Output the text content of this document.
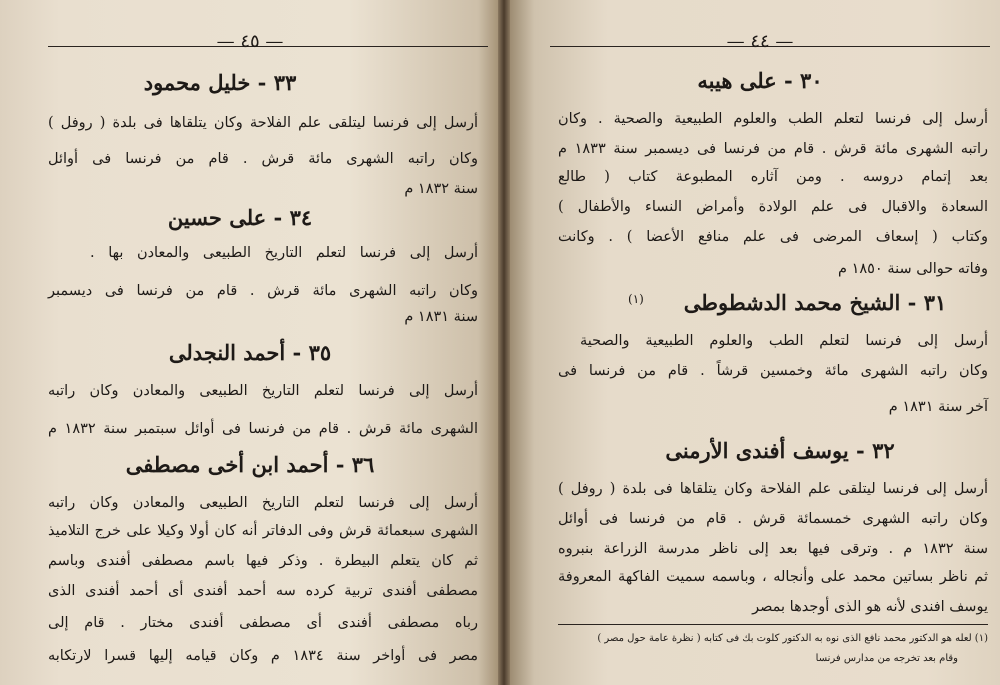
— ٤٥ —
٣٣ - خليل محمود
أرسل إلى فرنسا ليتلقى علم الفلاحة وكان يتلقاها فى بلدة ( روفل )
وكان راتبه الشهرى مائة قرش . قام من فرنسا فى أوائل
سنة ١٨٣٢ م
٣٤ - على حسين
أرسل إلى فرنسا لتعلم التاريخ الطبيعى والمعادن بها .
وكان راتبه الشهرى مائة قرش . قام من فرنسا فى ديسمبر
سنة ١٨٣١ م
٣٥ - أحمد النجدلى
أرسل إلى فرنسا لتعلم التاريخ الطبيعى والمعادن وكان راتبه
الشهرى مائة قرش . قام من فرنسا فى أوائل سبتمبر سنة ١٨٣٢ م
٣٦ - أحمد ابن أخى مصطفى
أرسل إلى فرنسا لتعلم التاريخ الطبيعى والمعادن وكان راتبه
الشهرى سبعمائة قرش وفى الدفاتر أنه كان أولا وكيلا على خرج التلاميذ
ثم كان يتعلم البيطرة . وذكر فيها باسم مصطفى أفندى وباسم
مصطفى أفندى تربية كرده سه أحمد أفندى أى أحمد أفندى الذى
رباه مصطفى أفندى أى مصطفى أفندى مختار . قام إلى
مصر فى أواخر سنة ١٨٣٤ م وكان قيامه إليها قسرا لارتكابه
— ٤٤ —
٣٠ - على هيبه
أرسل إلى فرنسا لتعلم الطب والعلوم الطبيعية والصحية . وكان
راتبه الشهرى مائة قرش . قام من فرنسا فى ديسمبر سنة ١٨٣٣ م
بعد إتمام دروسه . ومن آثاره المطبوعة كتاب ( طالع
السعادة والاقبال فى علم الولادة وأمراض النساء والأطفال )
وكتاب ( إسعاف المرضى فى علم منافع الأعضا ) . وكانت
وفاته حوالى سنة ١٨٥٠ م
٣١ - الشيخ محمد الدشطوطى
(١)
أرسل إلى فرنسا لتعلم الطب والعلوم الطبيعية والصحية
وكان راتبه الشهرى مائة وخمسين قرشاً . قام من فرنسا فى
آخر سنة ١٨٣١ م
٣٢ - يوسف أفندى الأرمنى
أرسل إلى فرنسا ليتلقى علم الفلاحة وكان يتلقاها فى بلدة ( روفل )
وكان راتبه الشهرى خمسمائة قرش . قام من فرنسا فى أوائل
سنة ١٨٣٢ م . وترقى فيها بعد إلى ناظر مدرسة الزراعة بنبروه
ثم ناظر بساتين محمد على وأنجاله ، وباسمه سميت الفاكهة المعروفة
يوسف افندى لأنه هو الذى أوجدها بمصر
(١) لعله هو الدكتور محمد نافع الذى نوه به الدكتور كلوت بك فى كتابه ( نظرة عامة حول مصر )
وقام بعد تخرجه من مدارس فرنسا
